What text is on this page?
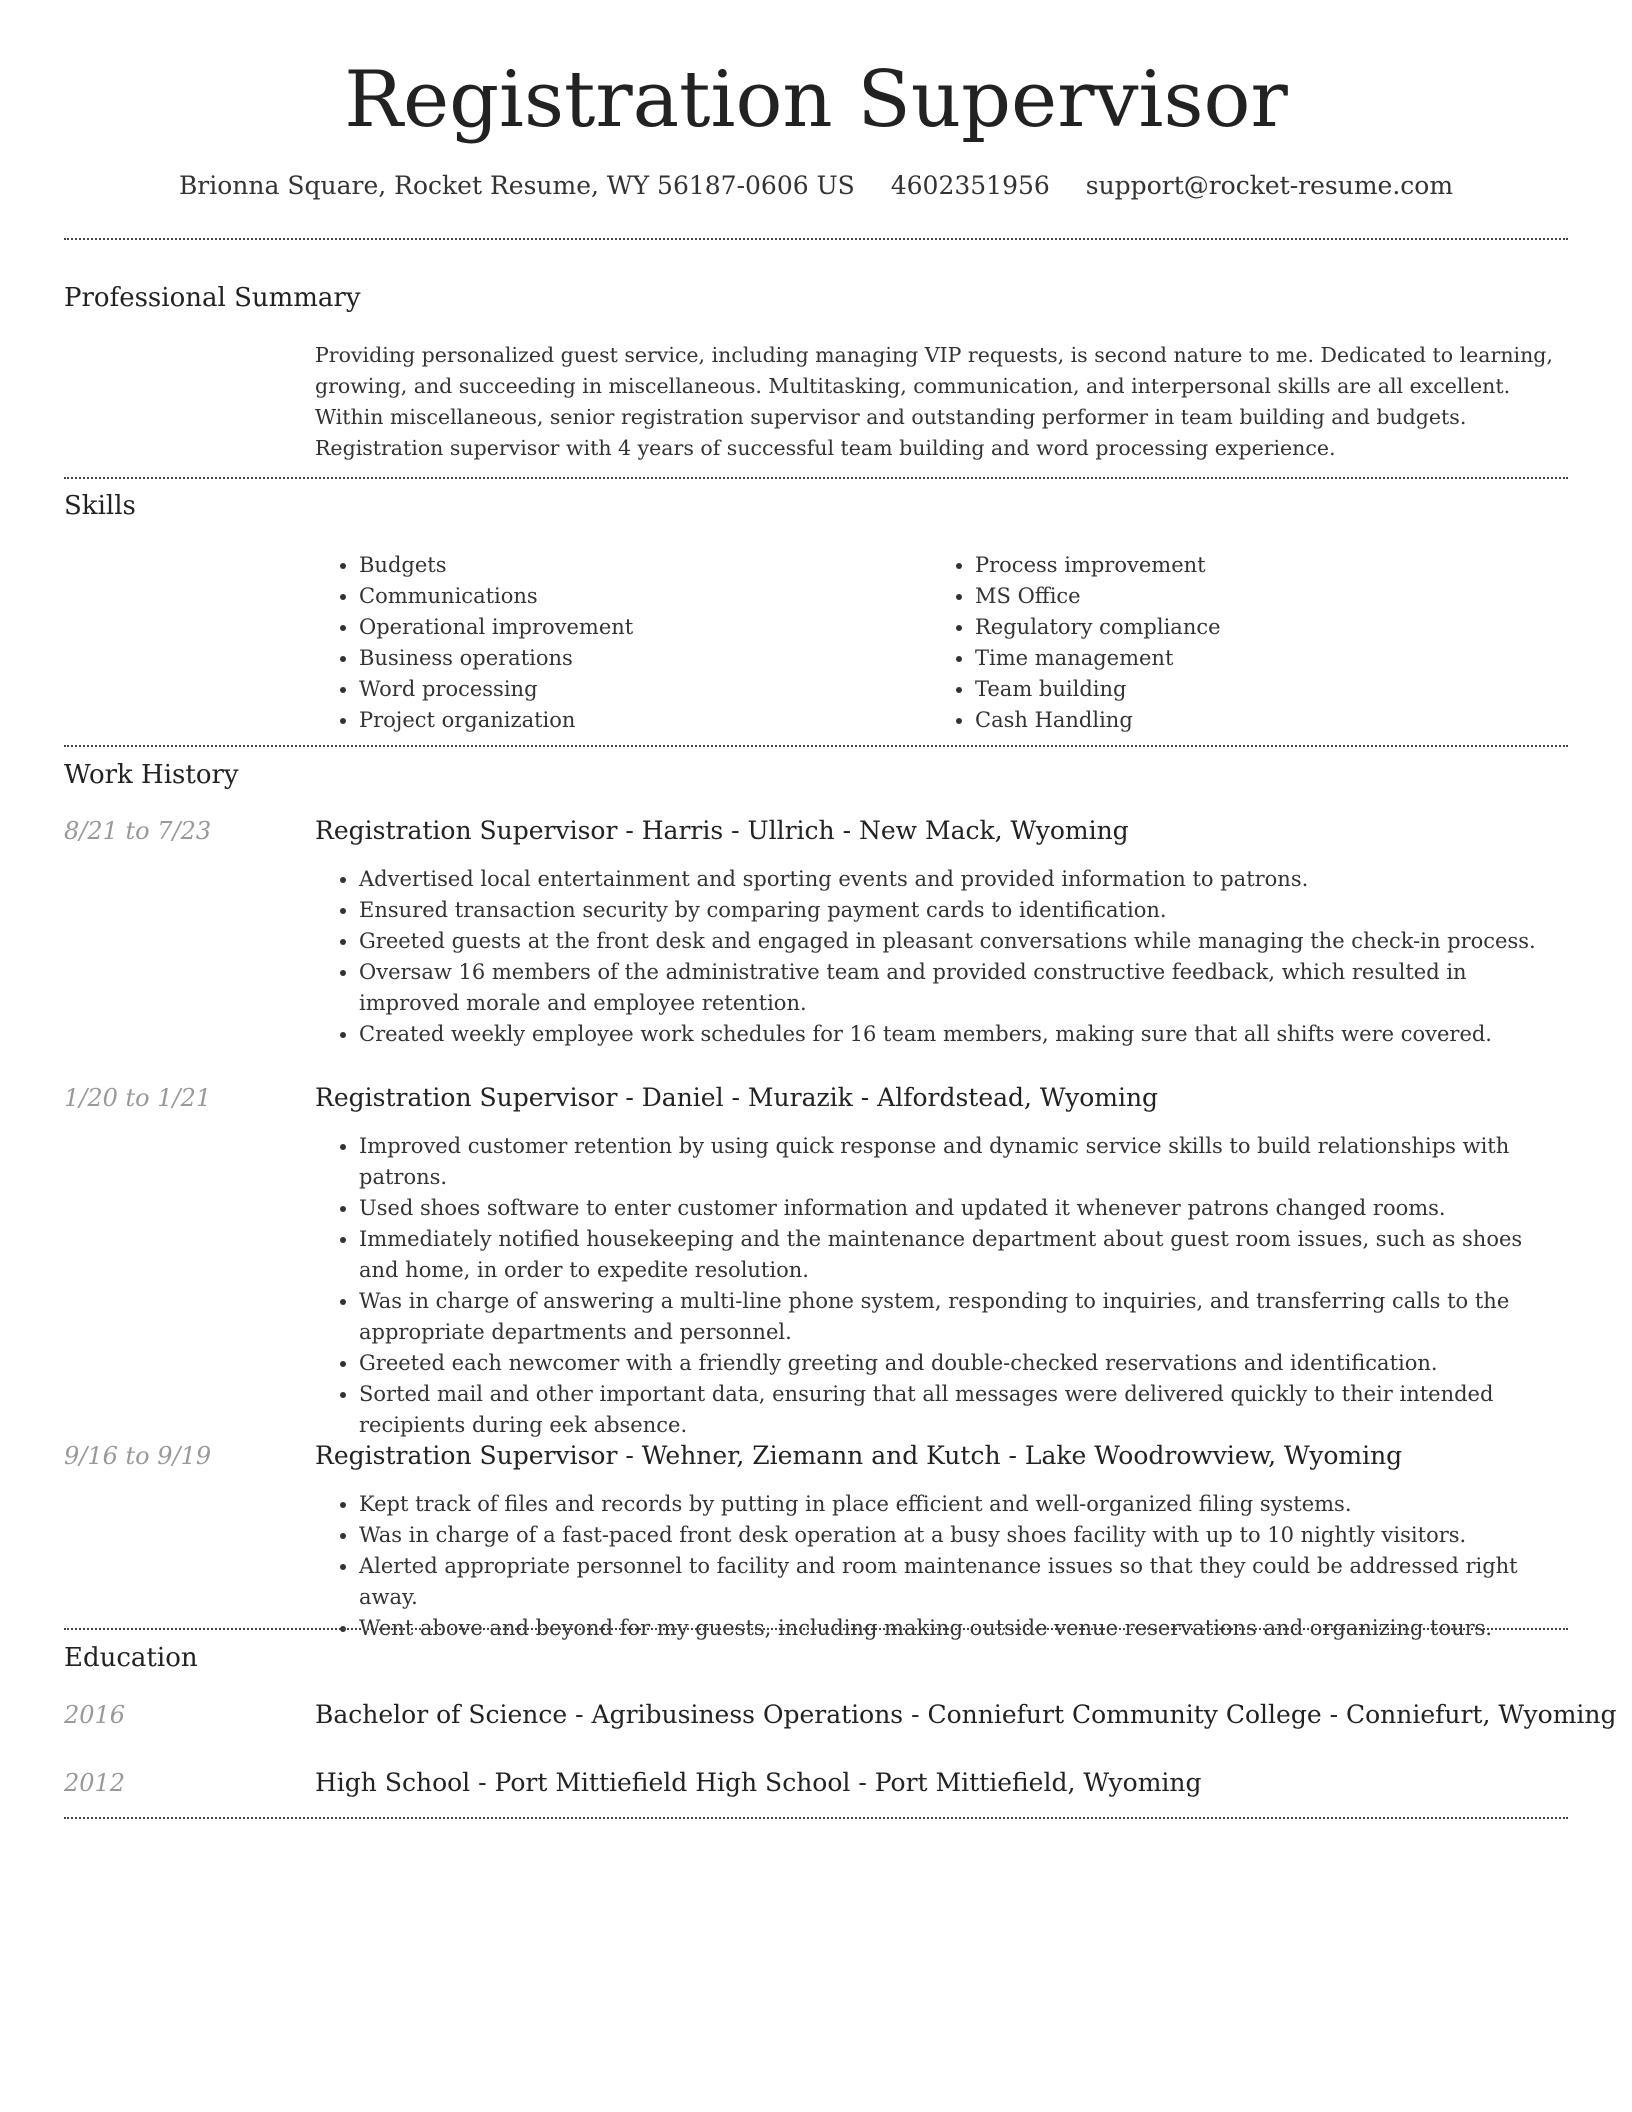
Registration Supervisor
Brionna Square, Rocket Resume, WY 56187-0606 US 4602351956 support@rocket-resume.com
Professional Summary
Providing personalized guest service, including managing VIP requests, is second nature to me. Dedicated to learning, growing, and succeeding in miscellaneous. Multitasking, communication, and interpersonal skills are all excellent. Within miscellaneous, senior registration supervisor and outstanding performer in team building and budgets. Registration supervisor with 4 years of successful team building and word processing experience.
Skills
• Budgets
• Communications
• Operational improvement
• Business operations
• Word processing
• Project organization
• Process improvement
• MS Office
• Regulatory compliance
• Time management
• Team building
• Cash Handling
Work History
8/21 to 7/23	Registration Supervisor - Harris - Ullrich - New Mack, Wyoming
• Advertised local entertainment and sporting events and provided information to patrons.
• Ensured transaction security by comparing payment cards to identification.
• Greeted guests at the front desk and engaged in pleasant conversations while managing the check-in process.
• Oversaw 16 members of the administrative team and provided constructive feedback, which resulted in improved morale and employee retention.
• Created weekly employee work schedules for 16 team members, making sure that all shifts were covered.
1/20 to 1/21	Registration Supervisor - Daniel - Murazik - Alfordstead, Wyoming
• Improved customer retention by using quick response and dynamic service skills to build relationships with patrons.
• Used shoes software to enter customer information and updated it whenever patrons changed rooms.
• Immediately notified housekeeping and the maintenance department about guest room issues, such as shoes and home, in order to expedite resolution.
• Was in charge of answering a multi-line phone system, responding to inquiries, and transferring calls to the appropriate departments and personnel.
• Greeted each newcomer with a friendly greeting and double-checked reservations and identification.
• Sorted mail and other important data, ensuring that all messages were delivered quickly to their intended recipients during eek absence.
9/16 to 9/19	Registration Supervisor - Wehner, Ziemann and Kutch - Lake Woodrowview, Wyoming
• Kept track of files and records by putting in place efficient and well-organized filing systems.
• Was in charge of a fast-paced front desk operation at a busy shoes facility with up to 10 nightly visitors.
• Alerted appropriate personnel to facility and room maintenance issues so that they could be addressed right away.
• Went above and beyond for my guests, including making outside venue reservations and organizing tours.
Education
2016	Bachelor of Science - Agribusiness Operations - Conniefurt Community College - Conniefurt, Wyoming
2012	High School - Port Mittiefield High School - Port Mittiefield, Wyoming
